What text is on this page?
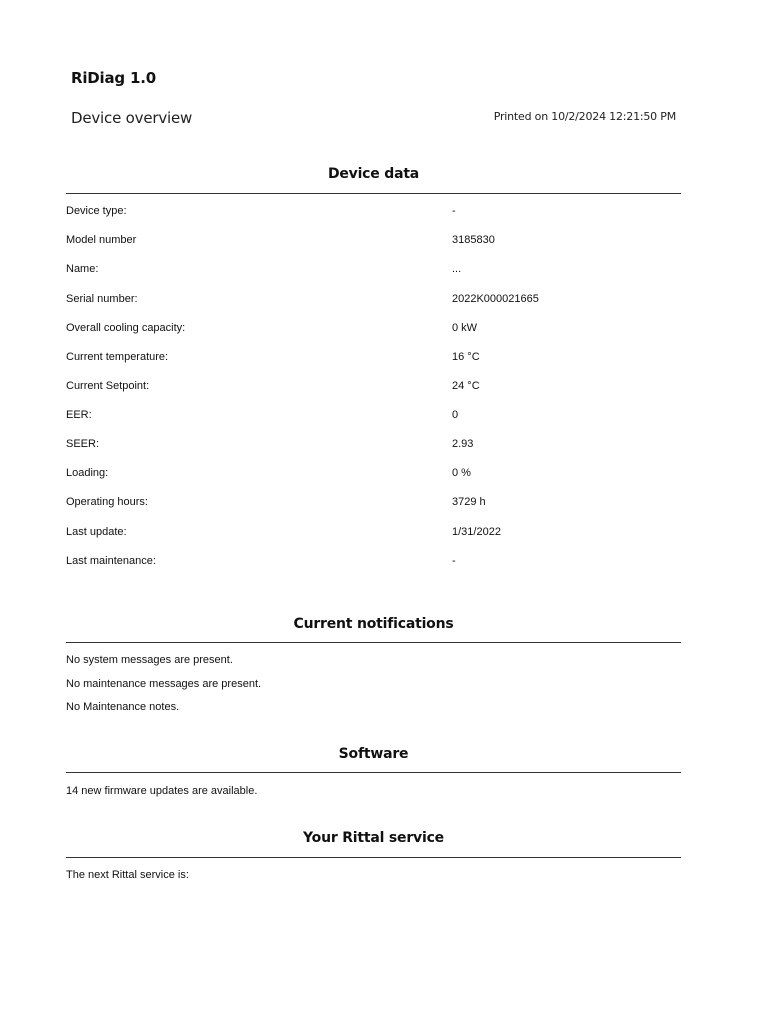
RiDiag 1.0
Device overview	Printed on 10/2/2024 12:21:50 PM
Device data
Device type:	-
Model number	3185830
Name:	...
Serial number:	2022K000021665
Overall cooling capacity:	0 kW
Current temperature:	16 °C
Current Setpoint:	24 °C
EER:	0
SEER:	2.93
Loading:	0 %
Operating hours:	3729 h
Last update:	1/31/2022
Last maintenance:	-
Current notifications
No system messages are present.
No maintenance messages are present.
No Maintenance notes.
Software
14 new firmware updates are available.
Your Rittal service
The next Rittal service is:
